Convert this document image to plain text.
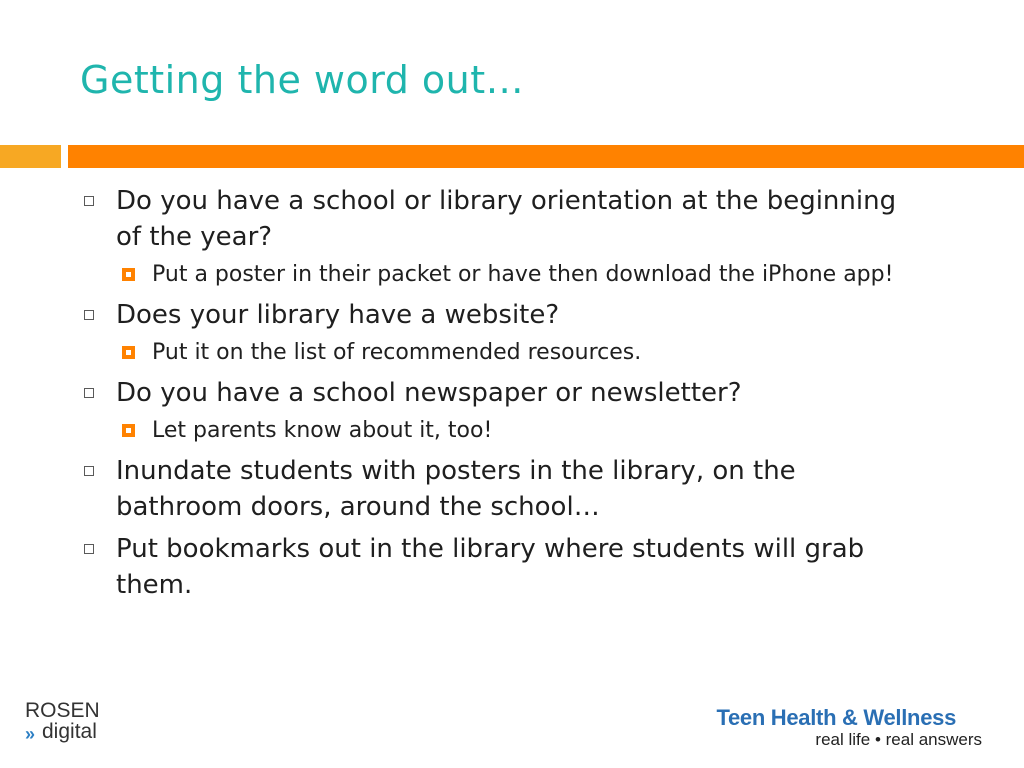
Getting the word out…
Do you have a school or library orientation at the beginning of the year?
Put a poster in their packet or have then download the iPhone app!
Does your library have a website?
Put it on the list of recommended resources.
Do you have a school newspaper or newsletter?
Let parents know about it, too!
Inundate students with posters in the library, on the bathroom doors, around the school…
Put bookmarks out in the library where students will grab them.
ROSEN
» digital
Teen Health & Wellness
real life • real answers
